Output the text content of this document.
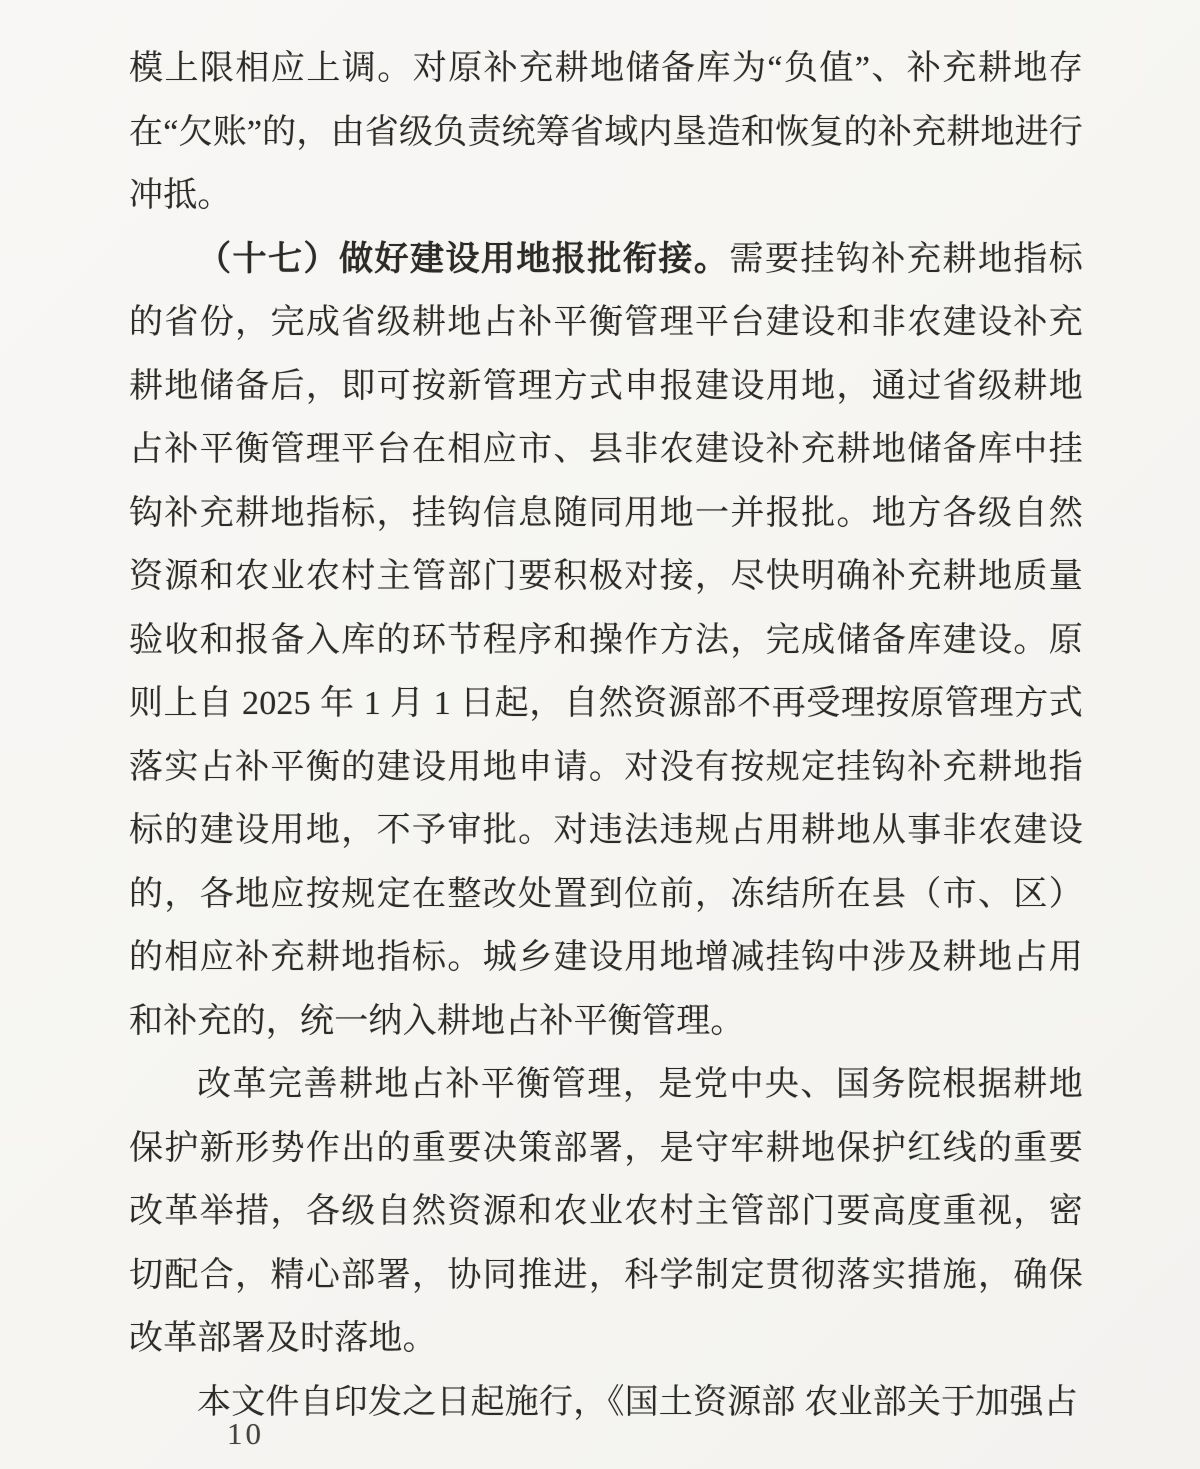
模上限相应上调。对原补充耕地储备库为“负值”、补充耕地存在“欠账”的，由省级负责统筹省域内垦造和恢复的补充耕地进行冲抵。

（十七）做好建设用地报批衔接。需要挂钩补充耕地指标的省份，完成省级耕地占补平衡管理平台建设和非农建设补充耕地储备后，即可按新管理方式申报建设用地，通过省级耕地占补平衡管理平台在相应市、县非农建设补充耕地储备库中挂钩补充耕地指标，挂钩信息随同用地一并报批。地方各级自然资源和农业农村主管部门要积极对接，尽快明确补充耕地质量验收和报备入库的环节程序和操作方法，完成储备库建设。原则上自 2025 年 1 月 1 日起，自然资源部不再受理按原管理方式落实占补平衡的建设用地申请。对没有按规定挂钩补充耕地指标的建设用地，不予审批。对违法违规占用耕地从事非农建设的，各地应按规定在整改处置到位前，冻结所在县（市、区）的相应补充耕地指标。城乡建设用地增减挂钩中涉及耕地占用和补充的，统一纳入耕地占补平衡管理。

改革完善耕地占补平衡管理，是党中央、国务院根据耕地保护新形势作出的重要决策部署，是守牢耕地保护红线的重要改革举措，各级自然资源和农业农村主管部门要高度重视，密切配合，精心部署，协同推进，科学制定贯彻落实措施，确保改革部署及时落地。

本文件自印发之日起施行，《国土资源部 农业部关于加强占

10
